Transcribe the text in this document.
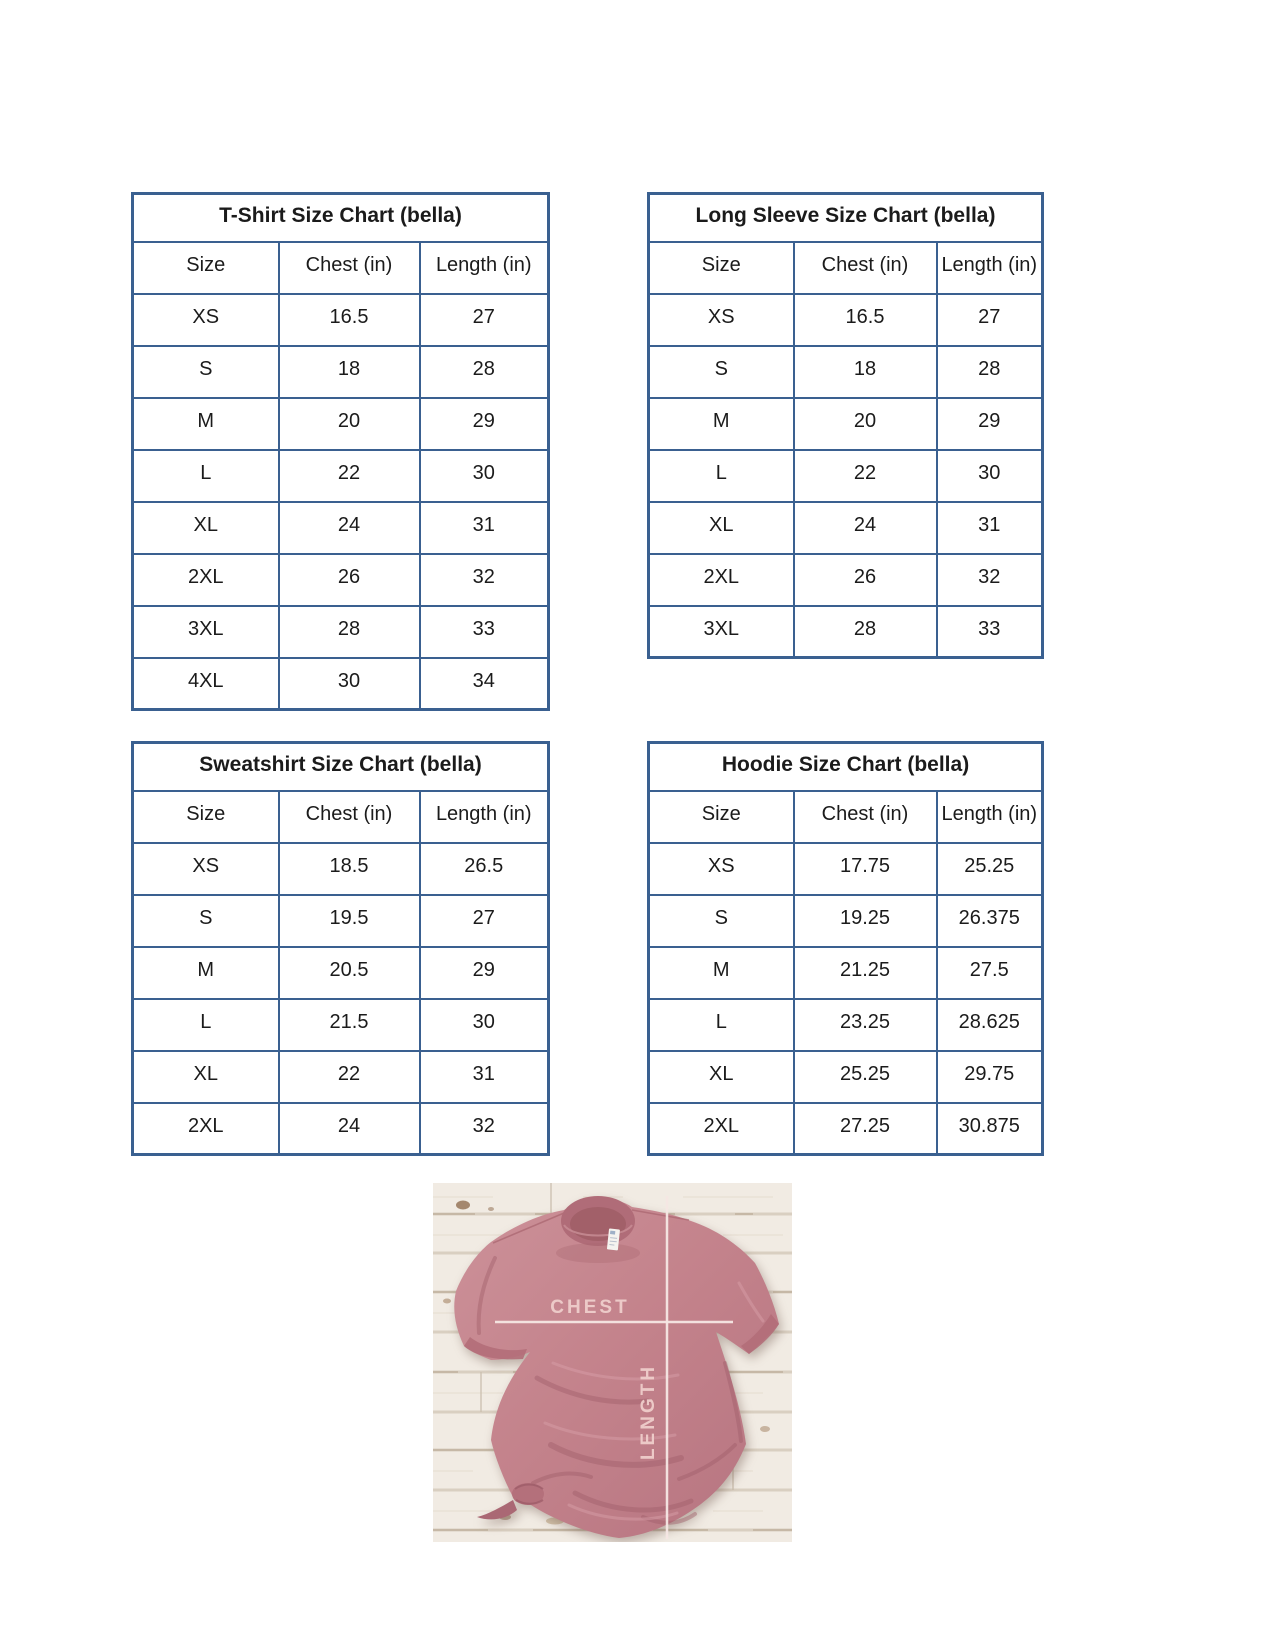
T-Shirt Size Chart (bella)		
Size	Chest (in)	Length (in)
XS	16.5	27
S	18	28
M	20	29
L	22	30
XL	24	31
2XL	26	32
3XL	28	33
4XL	30	34
Long Sleeve Size Chart (bella)		
Size	Chest (in)	Length (in)
XS	16.5	27
S	18	28
M	20	29
L	22	30
XL	24	31
2XL	26	32
3XL	28	33
Sweatshirt Size Chart (bella)		
Size	Chest (in)	Length (in)
XS	18.5	26.5
S	19.5	27
M	20.5	29
L	21.5	30
XL	22	31
2XL	24	32
Hoodie Size Chart (bella)		
Size	Chest (in)	Length (in)
XS	17.75	25.25
S	19.25	26.375
M	21.25	27.5
L	23.25	28.625
XL	25.25	29.75
2XL	27.25	30.875
CHEST
LENGTH
